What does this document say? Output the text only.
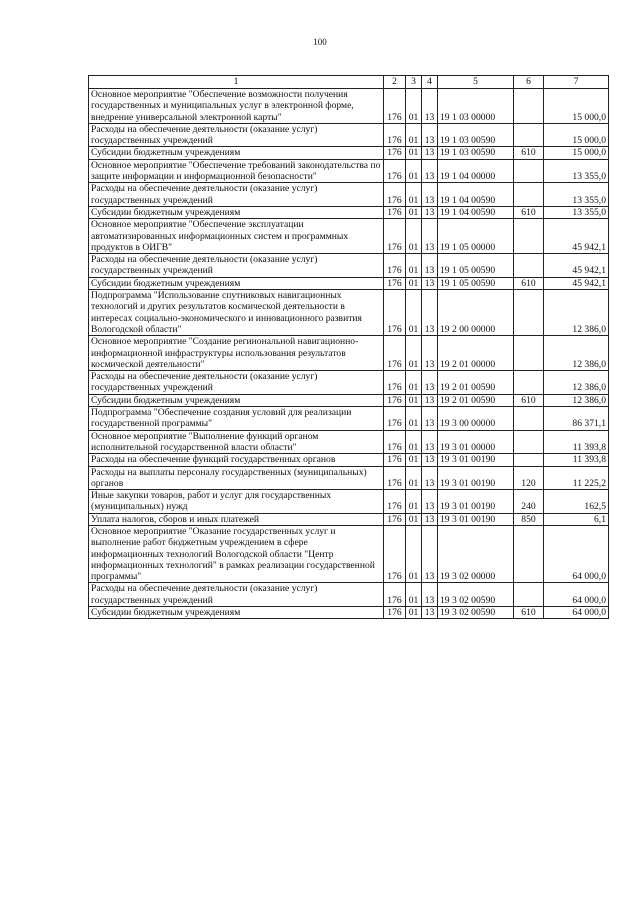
100
1	2	3	4	5	6	7
Основное мероприятие "Обеспечение возможности получения государственных и муниципальных услуг в электронной форме, внедрение универсальной электронной карты"	176	01	13	19 1 03 00000		15 000,0
Расходы на обеспечение деятельности (оказание услуг) государственных учреждений	176	01	13	19 1 03 00590		15 000,0
Субсидии бюджетным учреждениям	176	01	13	19 1 03 00590	610	15 000,0
Основное мероприятие "Обеспечение требований законодательства по защите информации и информационной безопасности"	176	01	13	19 1 04 00000		13 355,0
Расходы на обеспечение деятельности (оказание услуг) государственных учреждений	176	01	13	19 1 04 00590		13 355,0
Субсидии бюджетным учреждениям	176	01	13	19 1 04 00590	610	13 355,0
Основное мероприятие "Обеспечение эксплуатации автоматизированных информационных систем и программных продуктов в ОИГВ"	176	01	13	19 1 05 00000		45 942,1
Расходы на обеспечение деятельности (оказание услуг) государственных учреждений	176	01	13	19 1 05 00590		45 942,1
Субсидии бюджетным учреждениям	176	01	13	19 1 05 00590	610	45 942,1
Подпрограмма "Использование спутниковых навигационных технологий и других результатов космической деятельности в интересах социально-экономического и инновационного развития Вологодской области"	176	01	13	19 2 00 00000		12 386,0
Основное мероприятие "Создание регинональной навигационно-информационной инфраструктуры использования результатов космической деятельности"	176	01	13	19 2 01 00000		12 386,0
Расходы на обеспечение деятельности (оказание услуг) государственных учреждений	176	01	13	19 2 01 00590		12 386,0
Субсидии бюджетным учреждениям	176	01	13	19 2 01 00590	610	12 386,0
Подпрограмма "Обеспечение создания условий для реализации государственной программы"	176	01	13	19 3 00 00000		86 371,1
Основное мероприятие "Выполнение функций органом исполнительной государственной власти области"	176	01	13	19 3 01 00000		11 393,8
Расходы на обеспечение функций государственных органов	176	01	13	19 3 01 00190		11 393,8
Расходы на выплаты персоналу государственных (муниципальных) органов	176	01	13	19 3 01 00190	120	11 225,2
Иные закупки товаров, работ и услуг для государственных (муниципальных) нужд	176	01	13	19 3 01 00190	240	162,5
Уплата налогов, сборов и иных платежей	176	01	13	19 3 01 00190	850	6,1
Основное мероприятие "Оказание государственных услуг и выполнение работ бюджетным учреждением в сфере информационных технологий Вологодской области "Центр информационных технологий" в рамках реализации государственной программы"	176	01	13	19 3 02 00000		64 000,0
Расходы на обеспечение деятельности (оказание услуг) государственных учреждений	176	01	13	19 3 02 00590		64 000,0
Субсидии бюджетным учреждениям	176	01	13	19 3 02 00590	610	64 000,0
